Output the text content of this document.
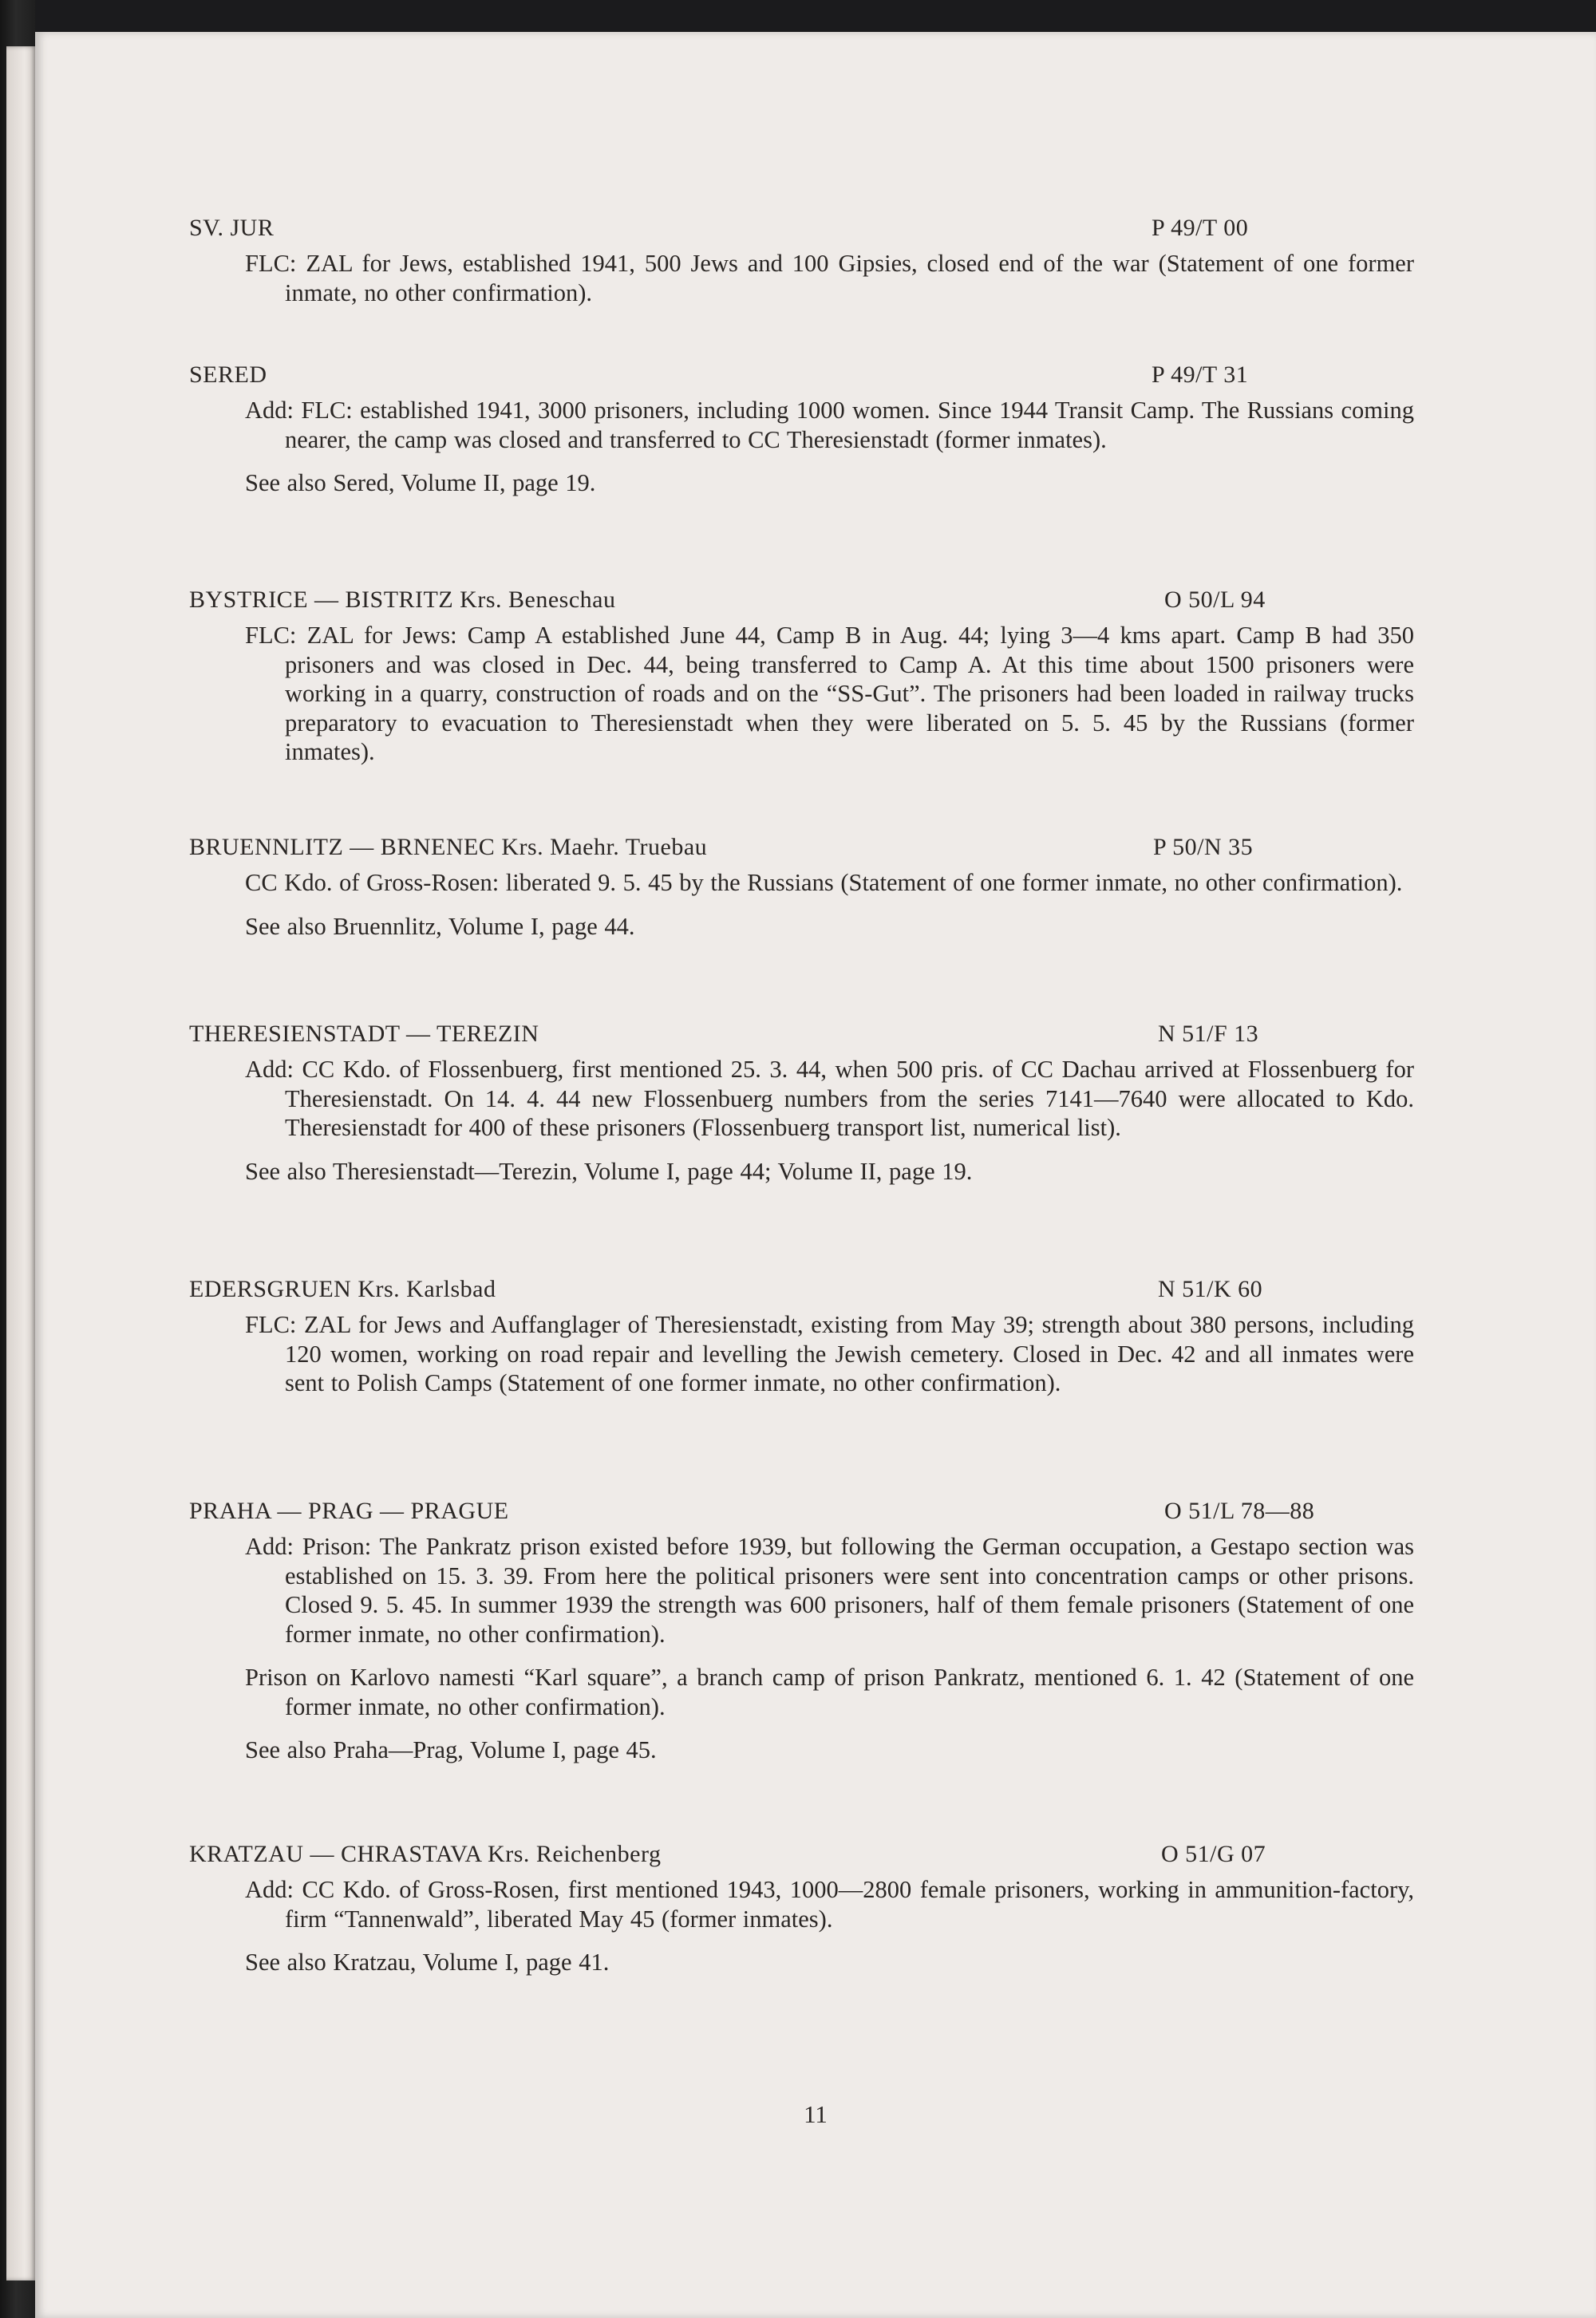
SV. JUR	P 49/T 00

FLC: ZAL for Jews, established 1941, 500 Jews and 100 Gipsies, closed end of the war (Statement of one former inmate, no other confirmation).

SERED	P 49/T 31

Add: FLC: established 1941, 3000 prisoners, including 1000 women. Since 1944 Transit Camp. The Russians coming nearer, the camp was closed and transferred to CC Theresienstadt (former inmates).

See also Sered, Volume II, page 19.

BYSTRICE — BISTRITZ Krs. Beneschau	O 50/L 94

FLC: ZAL for Jews: Camp A established June 44, Camp B in Aug. 44; lying 3—4 kms apart. Camp B had 350 prisoners and was closed in Dec. 44, being transferred to Camp A. At this time about 1500 prisoners were working in a quarry, construction of roads and on the “SS-Gut”. The prisoners had been loaded in railway trucks preparatory to evacuation to Theresienstadt when they were liberated on 5. 5. 45 by the Russians (former inmates).

BRUENNLITZ — BRNENEC Krs. Maehr. Truebau	P 50/N 35

CC Kdo. of Gross-Rosen: liberated 9. 5. 45 by the Russians (Statement of one former inmate, no other confirmation).

See also Bruennlitz, Volume I, page 44.

THERESIENSTADT — TEREZIN	N 51/F 13

Add: CC Kdo. of Flossenbuerg, first mentioned 25. 3. 44, when 500 pris. of CC Dachau arrived at Flossenbuerg for Theresienstadt. On 14. 4. 44 new Flossenbuerg numbers from the series 7141—7640 were allocated to Kdo. Theresienstadt for 400 of these prisoners (Flossenbuerg transport list, numerical list).

See also Theresienstadt—Terezin, Volume I, page 44; Volume II, page 19.

EDERSGRUEN Krs. Karlsbad	N 51/K 60

FLC: ZAL for Jews and Auffanglager of Theresienstadt, existing from May 39; strength about 380 persons, including 120 women, working on road repair and levelling the Jewish cemetery. Closed in Dec. 42 and all inmates were sent to Polish Camps (Statement of one former inmate, no other confirmation).

PRAHA — PRAG — PRAGUE	O 51/L 78—88

Add: Prison: The Pankratz prison existed before 1939, but following the German occupation, a Gestapo section was established on 15. 3. 39. From here the political prisoners were sent into concentration camps or other prisons. Closed 9. 5. 45. In summer 1939 the strength was 600 prisoners, half of them female prisoners (Statement of one former inmate, no other confirmation).

Prison on Karlovo namesti “Karl square”, a branch camp of prison Pankratz, mentioned 6. 1. 42 (Statement of one former inmate, no other confirmation).

See also Praha—Prag, Volume I, page 45.

KRATZAU — CHRASTAVA Krs. Reichenberg	O 51/G 07

Add: CC Kdo. of Gross-Rosen, first mentioned 1943, 1000—2800 female prisoners, working in ammunition-factory, firm “Tannenwald”, liberated May 45 (former inmates).

See also Kratzau, Volume I, page 41.

11
